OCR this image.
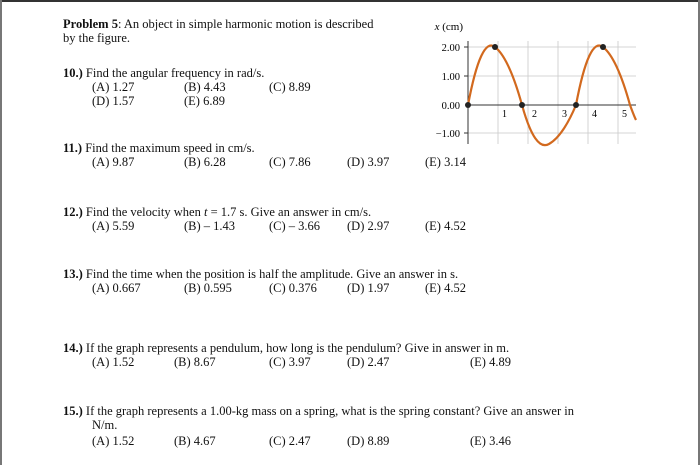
Problem 5: An object in simple harmonic motion is described
by the figure.
10.) Find the angular frequency in rad/s.
(A) 1.27	(B) 4.43	(C) 8.89
(D) 1.57	(E) 6.89
11.) Find the maximum speed in cm/s.
(A) 9.87	(B) 6.28	(C) 7.86	(D) 3.97	(E) 3.14
12.) Find the velocity when t = 1.7 s. Give an answer in cm/s.
(A) 5.59	(B) – 1.43	(C) – 3.66 (D) 2.97	(E) 4.52
13.) Find the time when the position is half the amplitude. Give an answer in s.
(A) 0.667	(B) 0.595	(C) 0.376 (D) 1.97	(E) 4.52
14.) If the graph represents a pendulum, how long is the pendulum? Give in answer in m.
(A) 1.52	(B) 8.67	(C) 3.97	(D) 2.47	(E) 4.89
15.) If the graph represents a 1.00-kg mass on a spring, what is the spring constant? Give an answer in
N/m.
(A) 1.52	(B) 4.67	(C) 2.47	(D) 8.89	(E) 3.46
x (cm)
2.00
1.00
0.00
−1.00
1	2	3	4	5
